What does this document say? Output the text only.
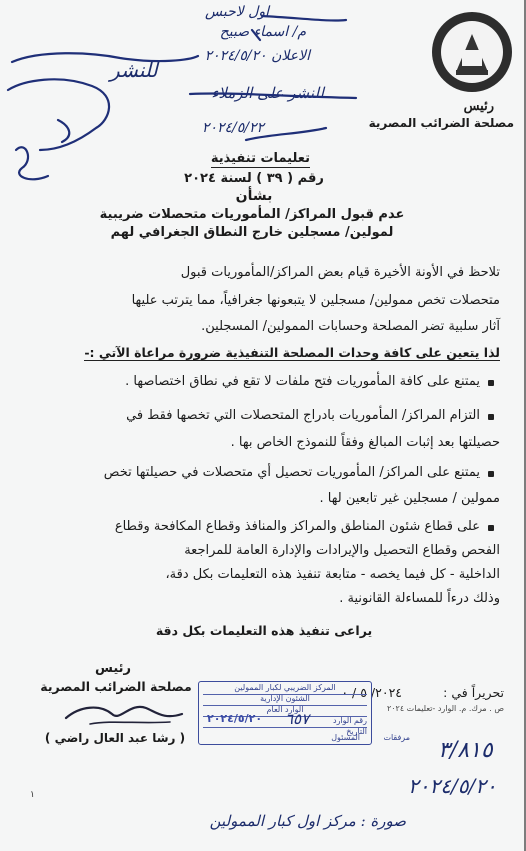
رئيس
مصلحة الضرائب المصرية
اول لاحبس
م/ اسماء صبيح
الاعلان ٢٠٢٤/٥/٢٠
للنشر
للنشر على الزملاء
٢٠٢٤/٥/٢٢
تعليمات تنفيذية
رقم ( ٣٩ ) لسنة ٢٠٢٤
بشأن
عدم قبول المراكز/ المأموريات متحصلات ضريبية
لمولين/ مسجلين خارج النطاق الجغرافي لهم
تلاحظ في الأونة الأخيرة قيام بعض المراكز/المأموريات قبول
متحصلات تخص ممولين/ مسجلين لا يتبعونها جغرافياً، مما يترتب عليها
آثار سلبية تضر المصلحة وحسابات الممولين/ المسجلين.
لذا يتعين على كافة وحدات المصلحة التنفيذية ضرورة مراعاة الآتي :-
يمتنع على كافة المأموريات فتح ملفات لا تقع في نطاق اختصاصها .
التزام المراكز/ المأموريات بادراج المتحصلات التي تخصها فقط في
حصيلتها بعد إثبات المبالغ وفقاً للنموذج الخاص بها .
يمتنع على المراكز/ المأموريات تحصيل أي متحصلات في حصيلتها تخص
ممولين / مسجلين غير تابعين لها .
على قطاع شئون المناطق والمراكز والمنافذ وقطاع المكافحة وقطاع
الفحص وقطاع التحصيل والإيرادات والإدارة العامة للمراجعة
الداخلية - كل فيما يخصه - متابعة تنفيذ هذه التعليمات بكل دقة،
وذلك درءاً للمساءلة القانونية .
يراعى تنفيذ هذه التعليمات بكل دقة
رئيس
مصلحة الضرائب المصرية
( رشا عبد العال راضي )
تحريراً في :
٢٠٢٤/ ٥ / ٠
ص . مرك. م. الوارد -تعليمات ٢٠٢٤
المركز الضريبي لكبار الممولين
الشئون الإدارية
الوارد العام
رقم الوارد
التاريخ
٦٥٧
٢٠٢٤/٥/٢٠
مرفقات
المسئول
٣/٨١٥
٢٠٢٤/٥/٢٠
صورة : مركز اول كبار الممولين
١
